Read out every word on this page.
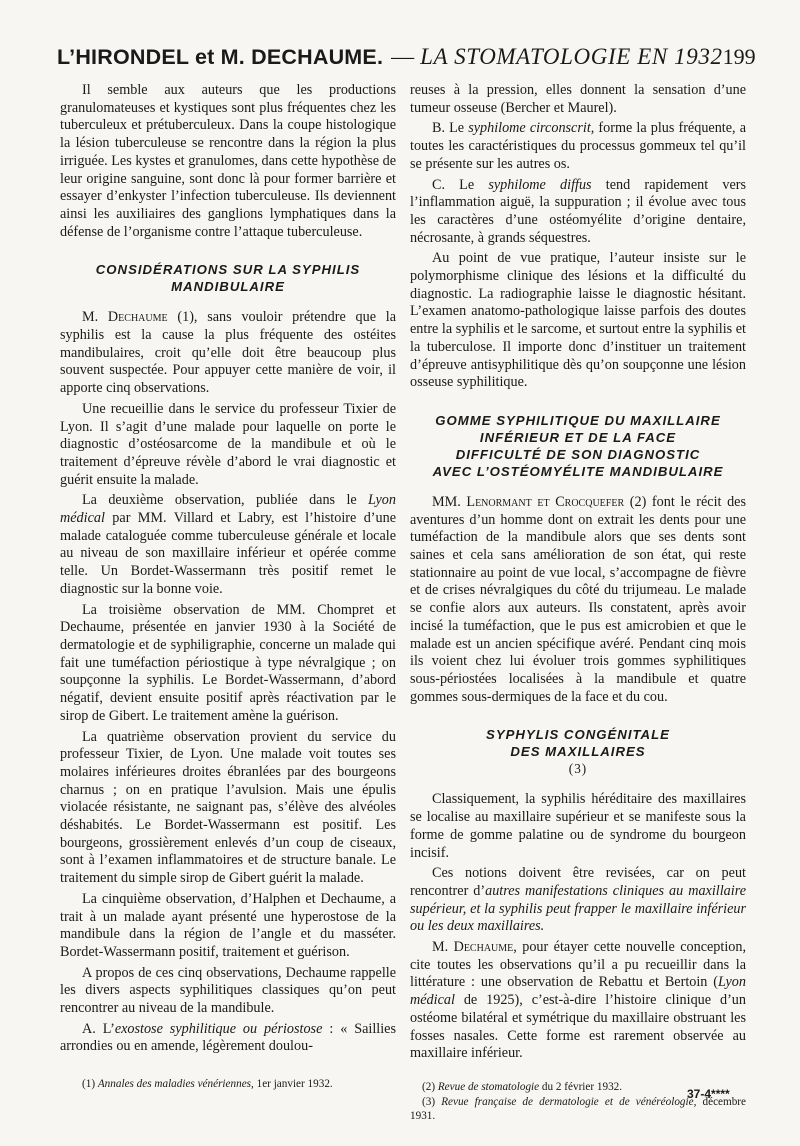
L’HIRONDEL et M. DECHAUME. — LA STOMATOLOGIE EN 1932 199

Il semble aux auteurs que les productions granulomateuses et kystiques sont plus fréquentes chez les tuberculeux et prétuberculeux. Dans la coupe histologique la lésion tuberculeuse se rencontre dans la région la plus irriguée. Les kystes et granulomes, dans cette hypothèse de leur origine sanguine, sont donc là pour former barrière et essayer d’enkyster l’infection tuberculeuse. Ils deviennent ainsi les auxiliaires des ganglions lymphatiques dans la défense de l’organisme contre l’attaque tuberculeuse.

CONSIDÉRATIONS SUR LA SYPHILIS
MANDIBULAIRE

M. Dechaume (1), sans vouloir prétendre que la syphilis est la cause la plus fréquente des ostéites mandibulaires, croit qu’elle doit être beaucoup plus souvent suspectée. Pour appuyer cette manière de voir, il apporte cinq observations.

Une recueillie dans le service du professeur Tixier de Lyon. Il s’agit d’une malade pour laquelle on porte le diagnostic d’ostéosarcome de la mandibule et où le traitement d’épreuve révèle d’abord le vrai diagnostic et guérit ensuite la malade.

La deuxième observation, publiée dans le Lyon médical par MM. Villard et Labry, est l’histoire d’une malade cataloguée comme tuberculeuse générale et locale au niveau de son maxillaire inférieur et opérée comme telle. Un Bordet-Wassermann très positif remet le diagnostic sur la bonne voie.

La troisième observation de MM. Chompret et Dechaume, présentée en janvier 1930 à la Société de dermatologie et de syphiligraphie, concerne un malade qui fait une tuméfaction périostique à type névralgique ; on soupçonne la syphilis. Le Bordet-Wassermann, d’abord négatif, devient ensuite positif après réactivation par le sirop de Gibert. Le traitement amène la guérison.

La quatrième observation provient du service du professeur Tixier, de Lyon. Une malade voit toutes ses molaires inférieures droites ébranlées par des bourgeons charnus ; on en pratique l’avulsion. Mais une épulis violacée résistante, ne saignant pas, s’élève des alvéoles déshabités. Le Bordet-Wassermann est positif. Les bourgeons, grossièrement enlevés d’un coup de ciseaux, sont à l’examen inflammatoires et de structure banale. Le traitement du simple sirop de Gibert guérit la malade.

La cinquième observation, d’Halphen et Dechaume, a trait à un malade ayant présenté une hyperostose de la mandibule dans la région de l’angle et du masséter. Bordet-Wassermann positif, traitement et guérison.

A propos de ces cinq observations, Dechaume rappelle les divers aspects syphilitiques classiques qu’on peut rencontrer au niveau de la mandibule.

A. L’exostose syphilitique ou périostose : « Saillies arrondies ou en amende, légèrement doulou-

(1) Annales des maladies vénériennes, 1er janvier 1932.

reuses à la pression, elles donnent la sensation d’une tumeur osseuse (Bercher et Maurel).

B. Le syphilome circonscrit, forme la plus fréquente, a toutes les caractéristiques du processus gommeux tel qu’il se présente sur les autres os.

C. Le syphilome diffus tend rapidement vers l’inflammation aiguë, la suppuration ; il évolue avec tous les caractères d’une ostéomyélite d’origine dentaire, nécrosante, à grands séquestres.

Au point de vue pratique, l’auteur insiste sur le polymorphisme clinique des lésions et la difficulté du diagnostic. La radiographie laisse le diagnostic hésitant. L’examen anatomo-pathologique laisse parfois des doutes entre la syphilis et le sarcome, et surtout entre la syphilis et la tuberculose. Il importe donc d’instituer un traitement d’épreuve antisyphilitique dès qu’on soupçonne une lésion osseuse syphilitique.

GOMME SYPHILITIQUE DU MAXILLAIRE
INFÉRIEUR ET DE LA FACE
DIFFICULTÉ DE SON DIAGNOSTIC
AVEC L’OSTÉOMYÉLITE MANDIBULAIRE

MM. Lenormant et Crocquefer (2) font le récit des aventures d’un homme dont on extrait les dents pour une tuméfaction de la mandibule alors que ses dents sont saines et cela sans amélioration de son état, qui reste stationnaire au point de vue local, s’accompagne de fièvre et de crises névralgiques du côté du trijumeau. Le malade se confie alors aux auteurs. Ils constatent, après avoir incisé la tuméfaction, que le pus est amicrobien et que le malade est un ancien spécifique avéré. Pendant cinq mois ils voient chez lui évoluer trois gommes syphilitiques sous-périostées localisées à la mandibule et quatre gommes sous-dermiques de la face et du cou.

SYPHYLIS CONGÉNITALE
DES MAXILLAIRES
(3)

Classiquement, la syphilis héréditaire des maxillaires se localise au maxillaire supérieur et se manifeste sous la forme de gomme palatine ou de syndrome du bourgeon incisif.

Ces notions doivent être revisées, car on peut rencontrer d’autres manifestations cliniques au maxillaire supérieur, et la syphilis peut frapper le maxillaire inférieur ou les deux maxillaires.

M. Dechaume, pour étayer cette nouvelle conception, cite toutes les observations qu’il a pu recueillir dans la littérature : une observation de Rebattu et Bertoin (Lyon médical de 1925), c’est-à-dire l’histoire clinique d’un ostéome bilatéral et symétrique du maxillaire obstruant les fosses nasales. Cette forme est rarement observée au maxillaire inférieur.

(2) Revue de stomatologie du 2 février 1932.

(3) Revue française de dermatologie et de vénéréologie, décembre 1931.

37-4****
